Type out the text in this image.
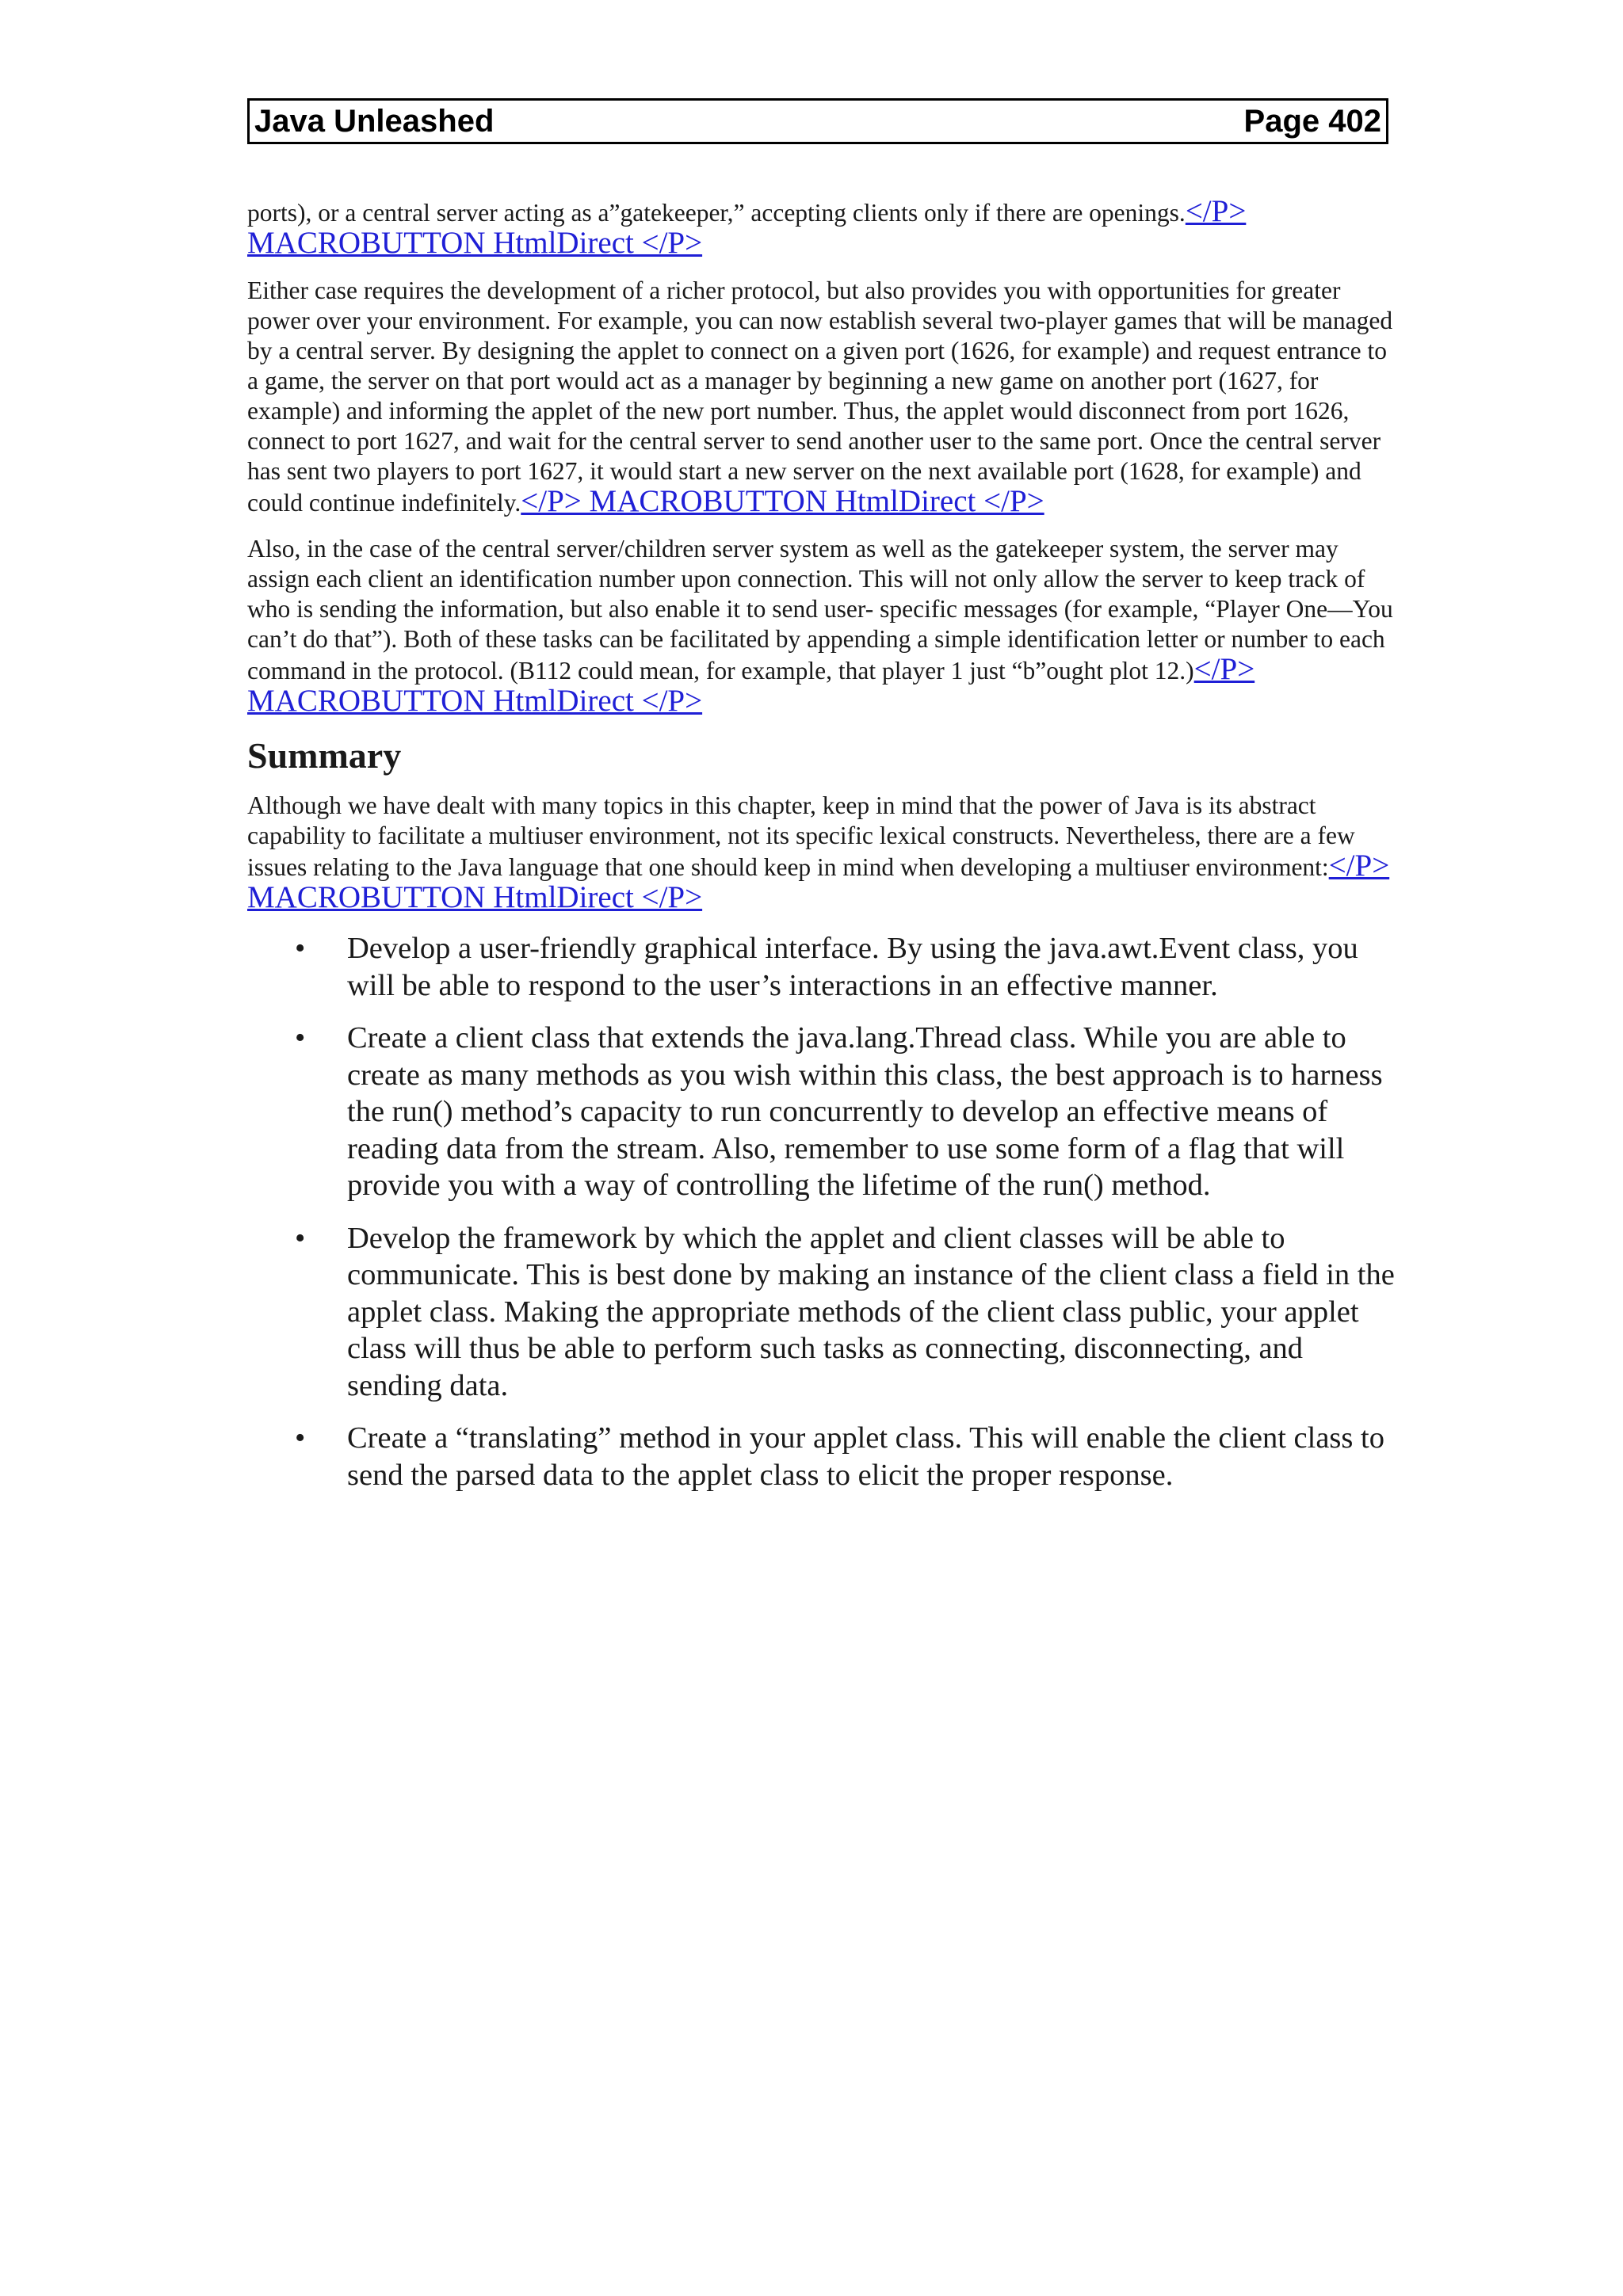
Java Unleashed	Page 402

ports), or a central server acting as a”gatekeeper,” accepting clients only if there are openings.</P> MACROBUTTON HtmlDirect </P>

Either case requires the development of a richer protocol, but also provides you with opportunities for greater power over your environment. For example, you can now establish several two-player games that will be managed by a central server. By designing the applet to connect on a given port (1626, for example) and request entrance to a game, the server on that port would act as a manager by beginning a new game on another port (1627, for example) and informing the applet of the new port number. Thus, the applet would disconnect from port 1626, connect to port 1627, and wait for the central server to send another user to the same port. Once the central server has sent two players to port 1627, it would start a new server on the next available port (1628, for example) and could continue indefinitely.</P> MACROBUTTON HtmlDirect </P>

Also, in the case of the central server/children server system as well as the gatekeeper system, the server may assign each client an identification number upon connection. This will not only allow the server to keep track of who is sending the information, but also enable it to send user- specific messages (for example, “Player One—You can’t do that”). Both of these tasks can be facilitated by appending a simple identification letter or number to each command in the protocol. (B112 could mean, for example, that player 1 just “b”ought plot 12.)</P> MACROBUTTON HtmlDirect </P>

Summary

Although we have dealt with many topics in this chapter, keep in mind that the power of Java is its abstract capability to facilitate a multiuser environment, not its specific lexical constructs. Nevertheless, there are a few issues relating to the Java language that one should keep in mind when developing a multiuser environment:</P> MACROBUTTON HtmlDirect </P>

• Develop a user-friendly graphical interface. By using the java.awt.Event class, you will be able to respond to the user’s interactions in an effective manner.
• Create a client class that extends the java.lang.Thread class. While you are able to create as many methods as you wish within this class, the best approach is to harness the run() method’s capacity to run concurrently to develop an effective means of reading data from the stream. Also, remember to use some form of a flag that will provide you with a way of controlling the lifetime of the run() method.
• Develop the framework by which the applet and client classes will be able to communicate. This is best done by making an instance of the client class a field in the applet class. Making the appropriate methods of the client class public, your applet class will thus be able to perform such tasks as connecting, disconnecting, and sending data.
• Create a “translating” method in your applet class. This will enable the client class to send the parsed data to the applet class to elicit the proper response.
